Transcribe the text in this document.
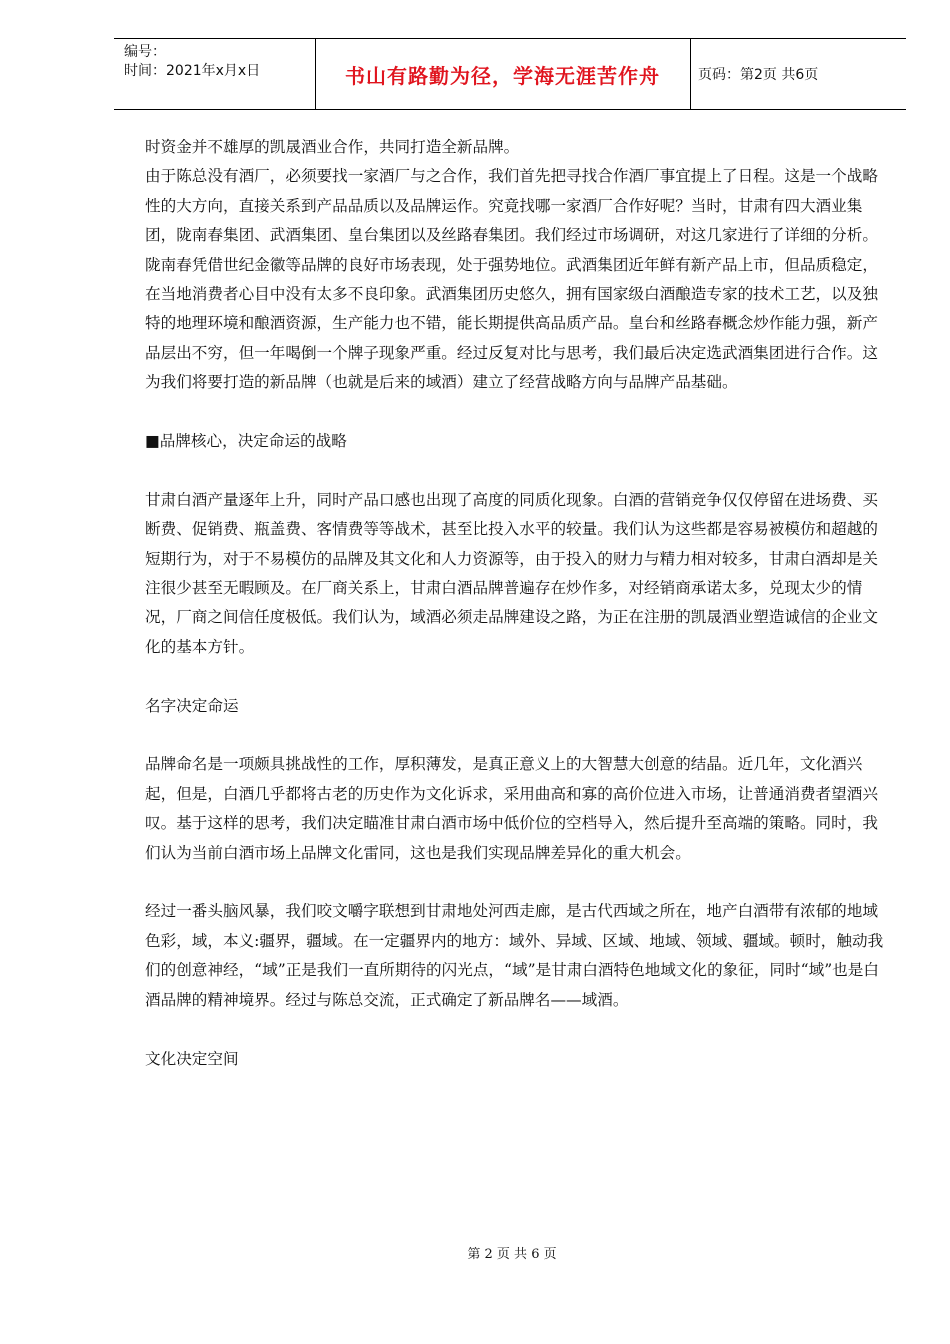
编号：
时间：2021年x月x日	书山有路勤为径，学海无涯苦作舟	页码：第2页 共6页

时资金并不雄厚的凯晟酒业合作，共同打造全新品牌。

由于陈总没有酒厂，必须要找一家酒厂与之合作，我们首先把寻找合作酒厂事宜提上了日程。这是一个战略性的大方向，直接关系到产品品质以及品牌运作。究竟找哪一家酒厂合作好呢？当时，甘肃有四大酒业集团，陇南春集团、武酒集团、皇台集团以及丝路春集团。我们经过市场调研，对这几家进行了详细的分析。陇南春凭借世纪金徽等品牌的良好市场表现，处于强势地位。武酒集团近年鲜有新产品上市，但品质稳定，在当地消费者心目中没有太多不良印象。武酒集团历史悠久，拥有国家级白酒酿造专家的技术工艺，以及独特的地理环境和酿酒资源，生产能力也不错，能长期提供高品质产品。皇台和丝路春概念炒作能力强，新产品层出不穷，但一年喝倒一个牌子现象严重。经过反复对比与思考，我们最后决定选武酒集团进行合作。这为我们将要打造的新品牌（也就是后来的域酒）建立了经营战略方向与品牌产品基础。

■品牌核心，决定命运的战略

甘肃白酒产量逐年上升，同时产品口感也出现了高度的同质化现象。白酒的营销竞争仅仅停留在进场费、买断费、促销费、瓶盖费、客情费等等战术，甚至比投入水平的较量。我们认为这些都是容易被模仿和超越的短期行为，对于不易模仿的品牌及其文化和人力资源等，由于投入的财力与精力相对较多，甘肃白酒却是关注很少甚至无暇顾及。在厂商关系上，甘肃白酒品牌普遍存在炒作多，对经销商承诺太多，兑现太少的情况，厂商之间信任度极低。我们认为，域酒必须走品牌建设之路，为正在注册的凯晟酒业塑造诚信的企业文化的基本方针。

名字决定命运

品牌命名是一项颇具挑战性的工作，厚积薄发，是真正意义上的大智慧大创意的结晶。近几年，文化酒兴起，但是，白酒几乎都将古老的历史作为文化诉求，采用曲高和寡的高价位进入市场，让普通消费者望酒兴叹。基于这样的思考，我们决定瞄准甘肃白酒市场中低价位的空档导入，然后提升至高端的策略。同时，我们认为当前白酒市场上品牌文化雷同，这也是我们实现品牌差异化的重大机会。

经过一番头脑风暴，我们咬文嚼字联想到甘肃地处河西走廊，是古代西域之所在，地产白酒带有浓郁的地域色彩，域，本义:疆界，疆域。在一定疆界内的地方：域外、异域、区域、地域、领域、疆域。顿时，触动我们的创意神经，“域”正是我们一直所期待的闪光点，“域”是甘肃白酒特色地域文化的象征，同时“域”也是白酒品牌的精神境界。经过与陈总交流，正式确定了新品牌名——域酒。

文化决定空间

第 2 页 共 6 页
